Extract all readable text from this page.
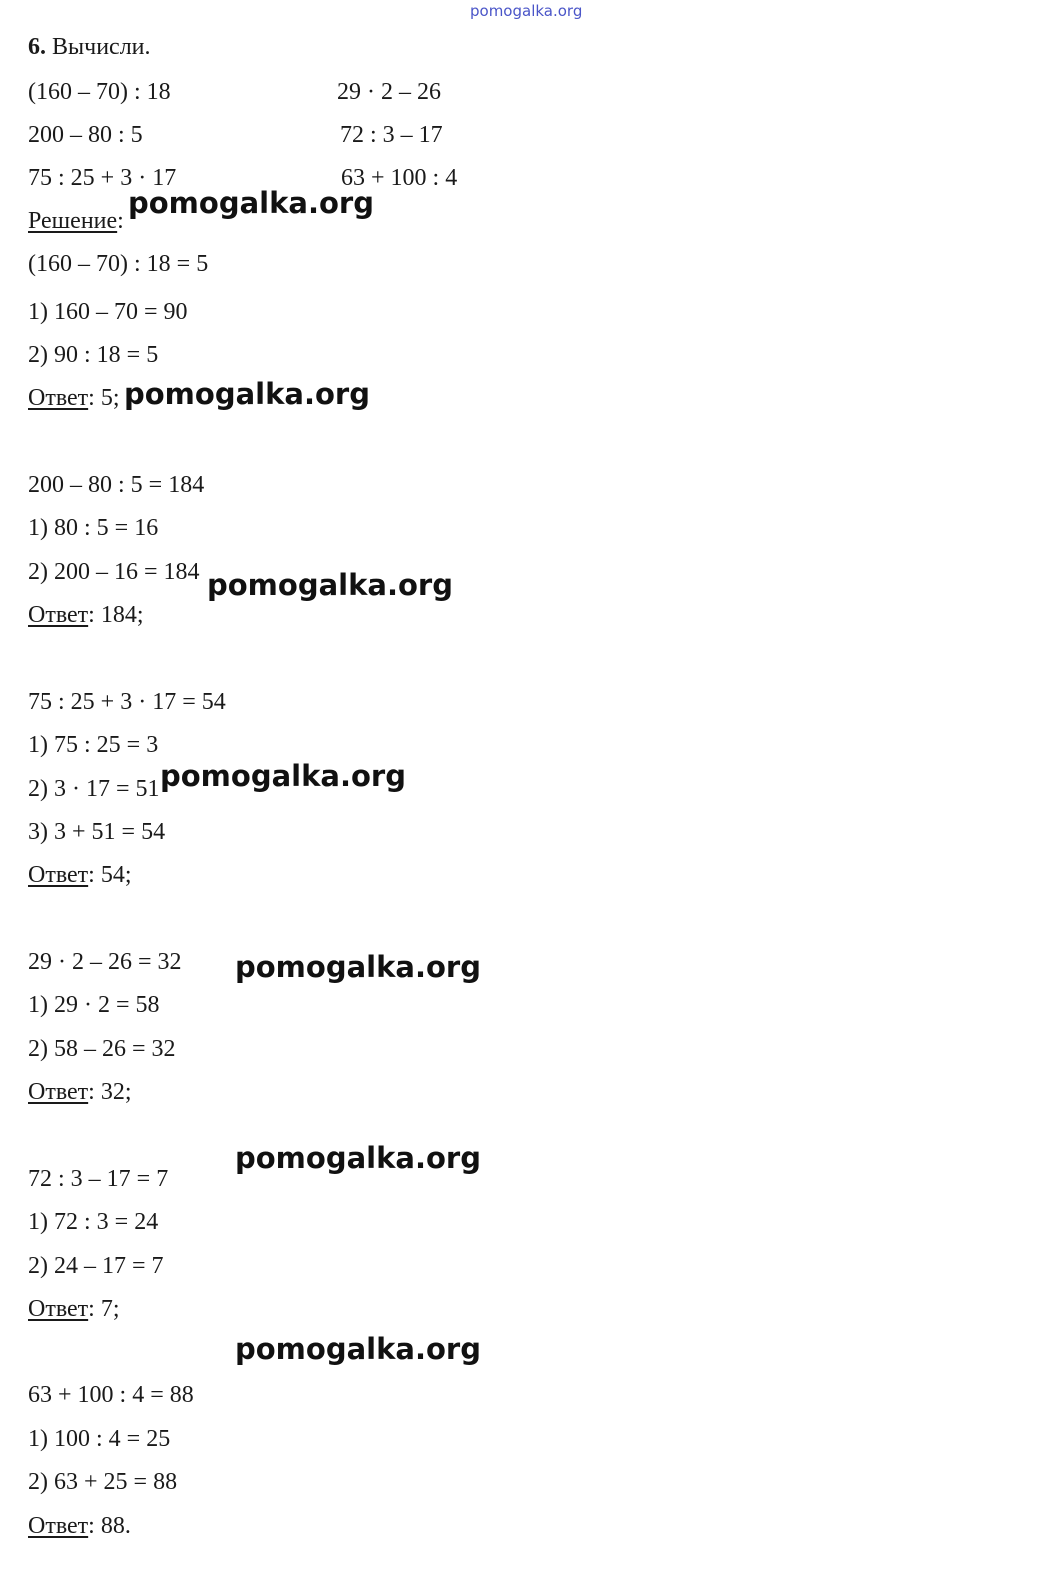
pomogalka.org
6. Вычисли.
(160 – 70) : 18
200 – 80 : 5
75 : 25 + 3 · 17
29 · 2 – 26
72 : 3 – 17
63 + 100 : 4
Решение:
pomogalka.org
(160 – 70) : 18 = 5
1) 160 – 70 = 90
2) 90 : 18 = 5
Ответ: 5; pomogalka.org
200 – 80 : 5 = 184
1) 80 : 5 = 16
2) 200 – 16 = 184 pomogalka.org
Ответ: 184;
75 : 25 + 3 · 17 = 54
1) 75 : 25 = 3
2) 3 · 17 = 51 pomogalka.org
3) 3 + 51 = 54
Ответ: 54;
29 · 2 – 26 = 32 pomogalka.org
1) 29 · 2 = 58
2) 58 – 26 = 32
Ответ: 32;
pomogalka.org
72 : 3 – 17 = 7
1) 72 : 3 = 24
2) 24 – 17 = 7
Ответ: 7;
pomogalka.org
63 + 100 : 4 = 88
1) 100 : 4 = 25
2) 63 + 25 = 88
Ответ: 88.
